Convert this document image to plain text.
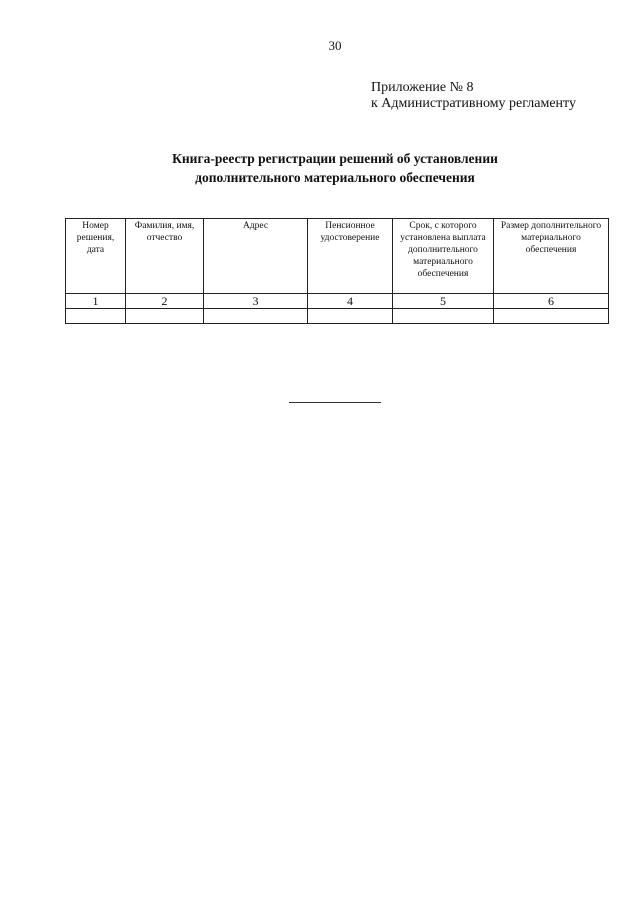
30
Приложение № 8
к Административному регламенту
Книга-реестр регистрации решений об установлении
дополнительного материального обеспечения
Номер решения, дата	Фамилия, имя, отчество	Адрес	Пенсионное удостоверение	Срок, с которого установлена выплата дополнительного материального обеспечения	Размер дополнительного материального обеспечения
1	2	3	4	5	6
